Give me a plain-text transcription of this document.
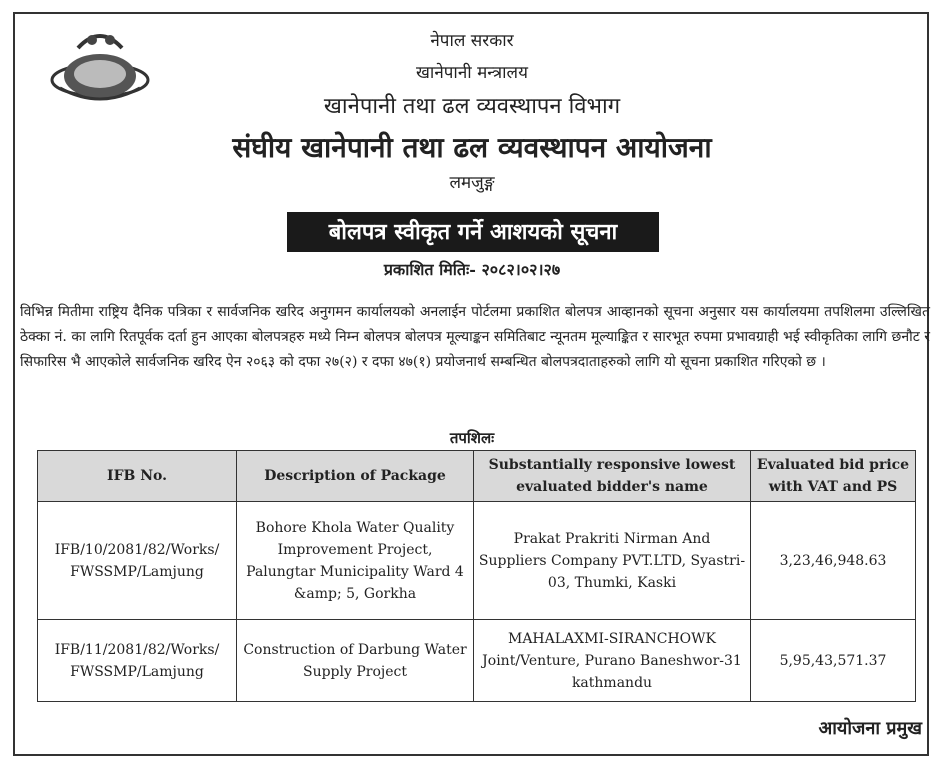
नेपाल सरकार
खानेपानी मन्त्रालय
खानेपानी तथा ढल व्यवस्थापन विभाग
संघीय खानेपानी तथा ढल व्यवस्थापन आयोजना
लमजुङ्ग
बोलपत्र स्वीकृत गर्ने आशयको सूचना
प्रकाशित मितिः- २०८२।०२।२७
विभिन्न मितीमा राष्ट्रिय दैनिक पत्रिका र सार्वजनिक खरिद अनुगमन कार्यालयको अनलाईन पोर्टलमा प्रकाशित बोलपत्र आव्हानको सूचना अनुसार यस कार्यालयमा तपशिलमा उल्लिखित ठेक्का नं. का लागि रितपूर्वक दर्ता हुन आएका बोलपत्रहरु मध्ये निम्न बोलपत्र बोलपत्र मूल्याङ्कन समितिबाट न्यूनतम मूल्याङ्कित र सारभूत रुपमा प्रभावग्राही भई स्वीकृतिका लागि छनौट र सिफारिस भै आएकोले सार्वजनिक खरिद ऐन २०६३ को दफा २७(२) र दफा ४७(१) प्रयोजनार्थ सम्बन्धित बोलपत्रदाताहरुको लागि यो सूचना प्रकाशित गरिएको छ ।
तपशिलः
IFB No.	Description of Package	Substantially responsive lowest evaluated bidder's name	Evaluated bid price with VAT and PS
IFB/10/2081/82/Works/ FWSSMP/Lamjung	Bohore Khola Water Quality Improvement Project, Palungtar Municipality Ward 4 &amp; 5, Gorkha	Prakat Prakriti Nirman And Suppliers Company PVT.LTD, Syastri-03, Thumki, Kaski	3,23,46,948.63
IFB/11/2081/82/Works/ FWSSMP/Lamjung	Construction of Darbung Water Supply Project	MAHALAXMI-SIRANCHOWK Joint/Venture, Purano Baneshwor-31 kathmandu	5,95,43,571.37
आयोजना प्रमुख
